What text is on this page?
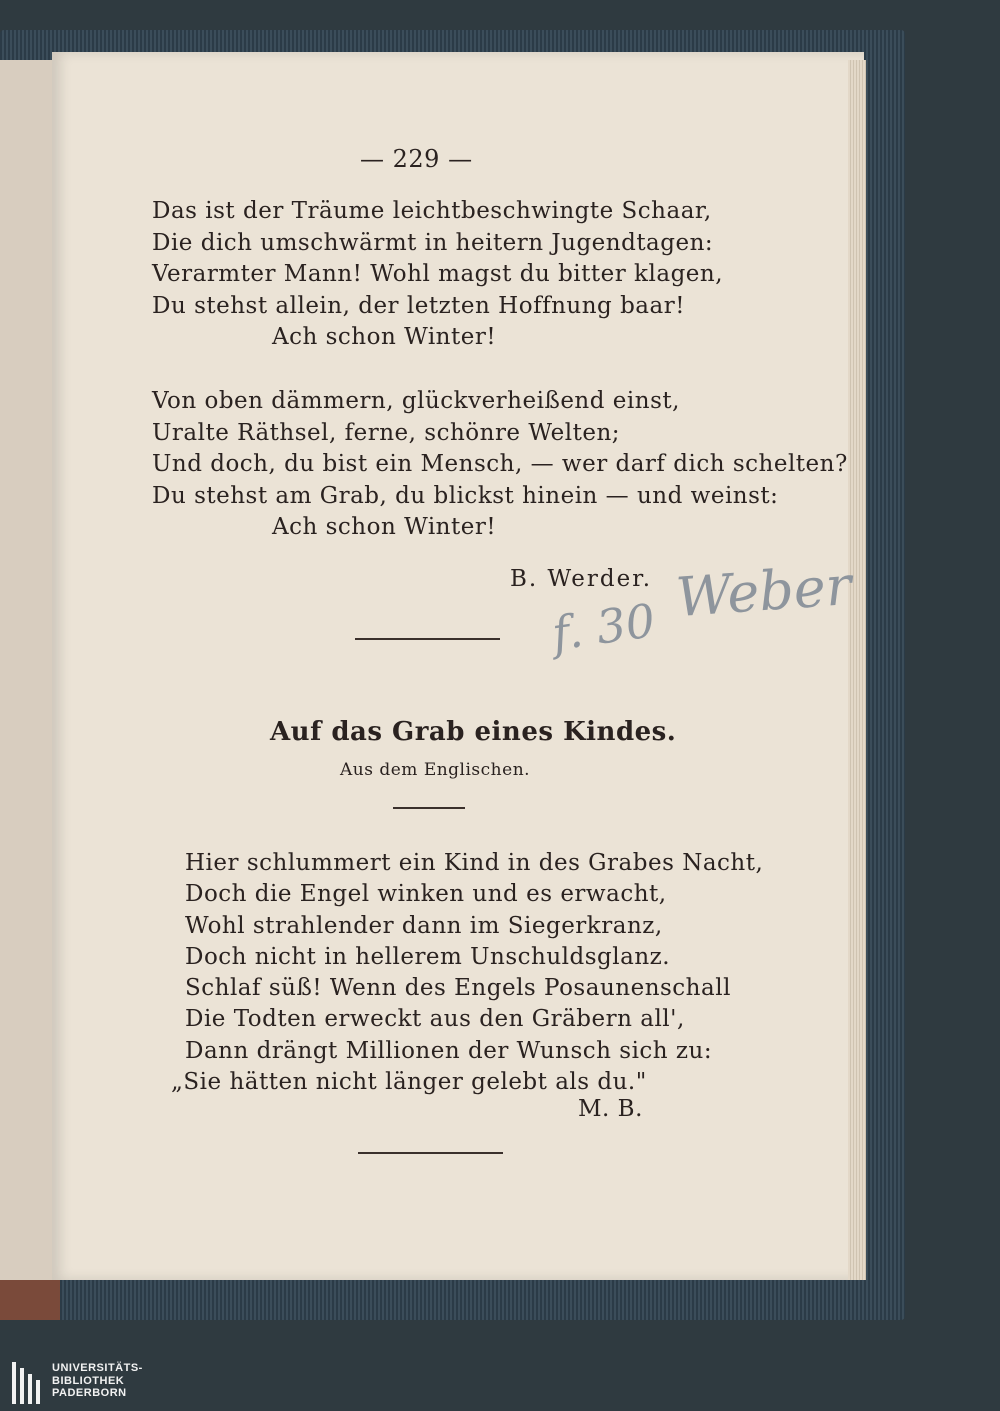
— 229 —
Das ist der Träume leichtbeschwingte Schaar,
Die dich umschwärmt in heitern Jugendtagen:
Verarmter Mann! Wohl magst du bitter klagen,
Du stehst allein, der letzten Hoffnung baar!
Ach schon Winter!
Von oben dämmern, glückverheißend einst,
Uralte Räthsel, ferne, schönre Welten;
Und doch, du bist ein Mensch, — wer darf dich schelten?
Du stehst am Grab, du blickst hinein — und weinst:
Ach schon Winter!
B. Werder. Weber
f. 30
Auf das Grab eines Kindes.
Aus dem Englischen.
Hier schlummert ein Kind in des Grabes Nacht,
Doch die Engel winken und es erwacht,
Wohl strahlender dann im Siegerkranz,
Doch nicht in hellerem Unschuldsglanz.
Schlaf süß! Wenn des Engels Posaunenschall
Die Todten erweckt aus den Gräbern all',
Dann drängt Millionen der Wunsch sich zu:
„Sie hätten nicht länger gelebt als du."
M. B.
UNIVERSITÄTS-
BIBLIOTHEK
PADERBORN
